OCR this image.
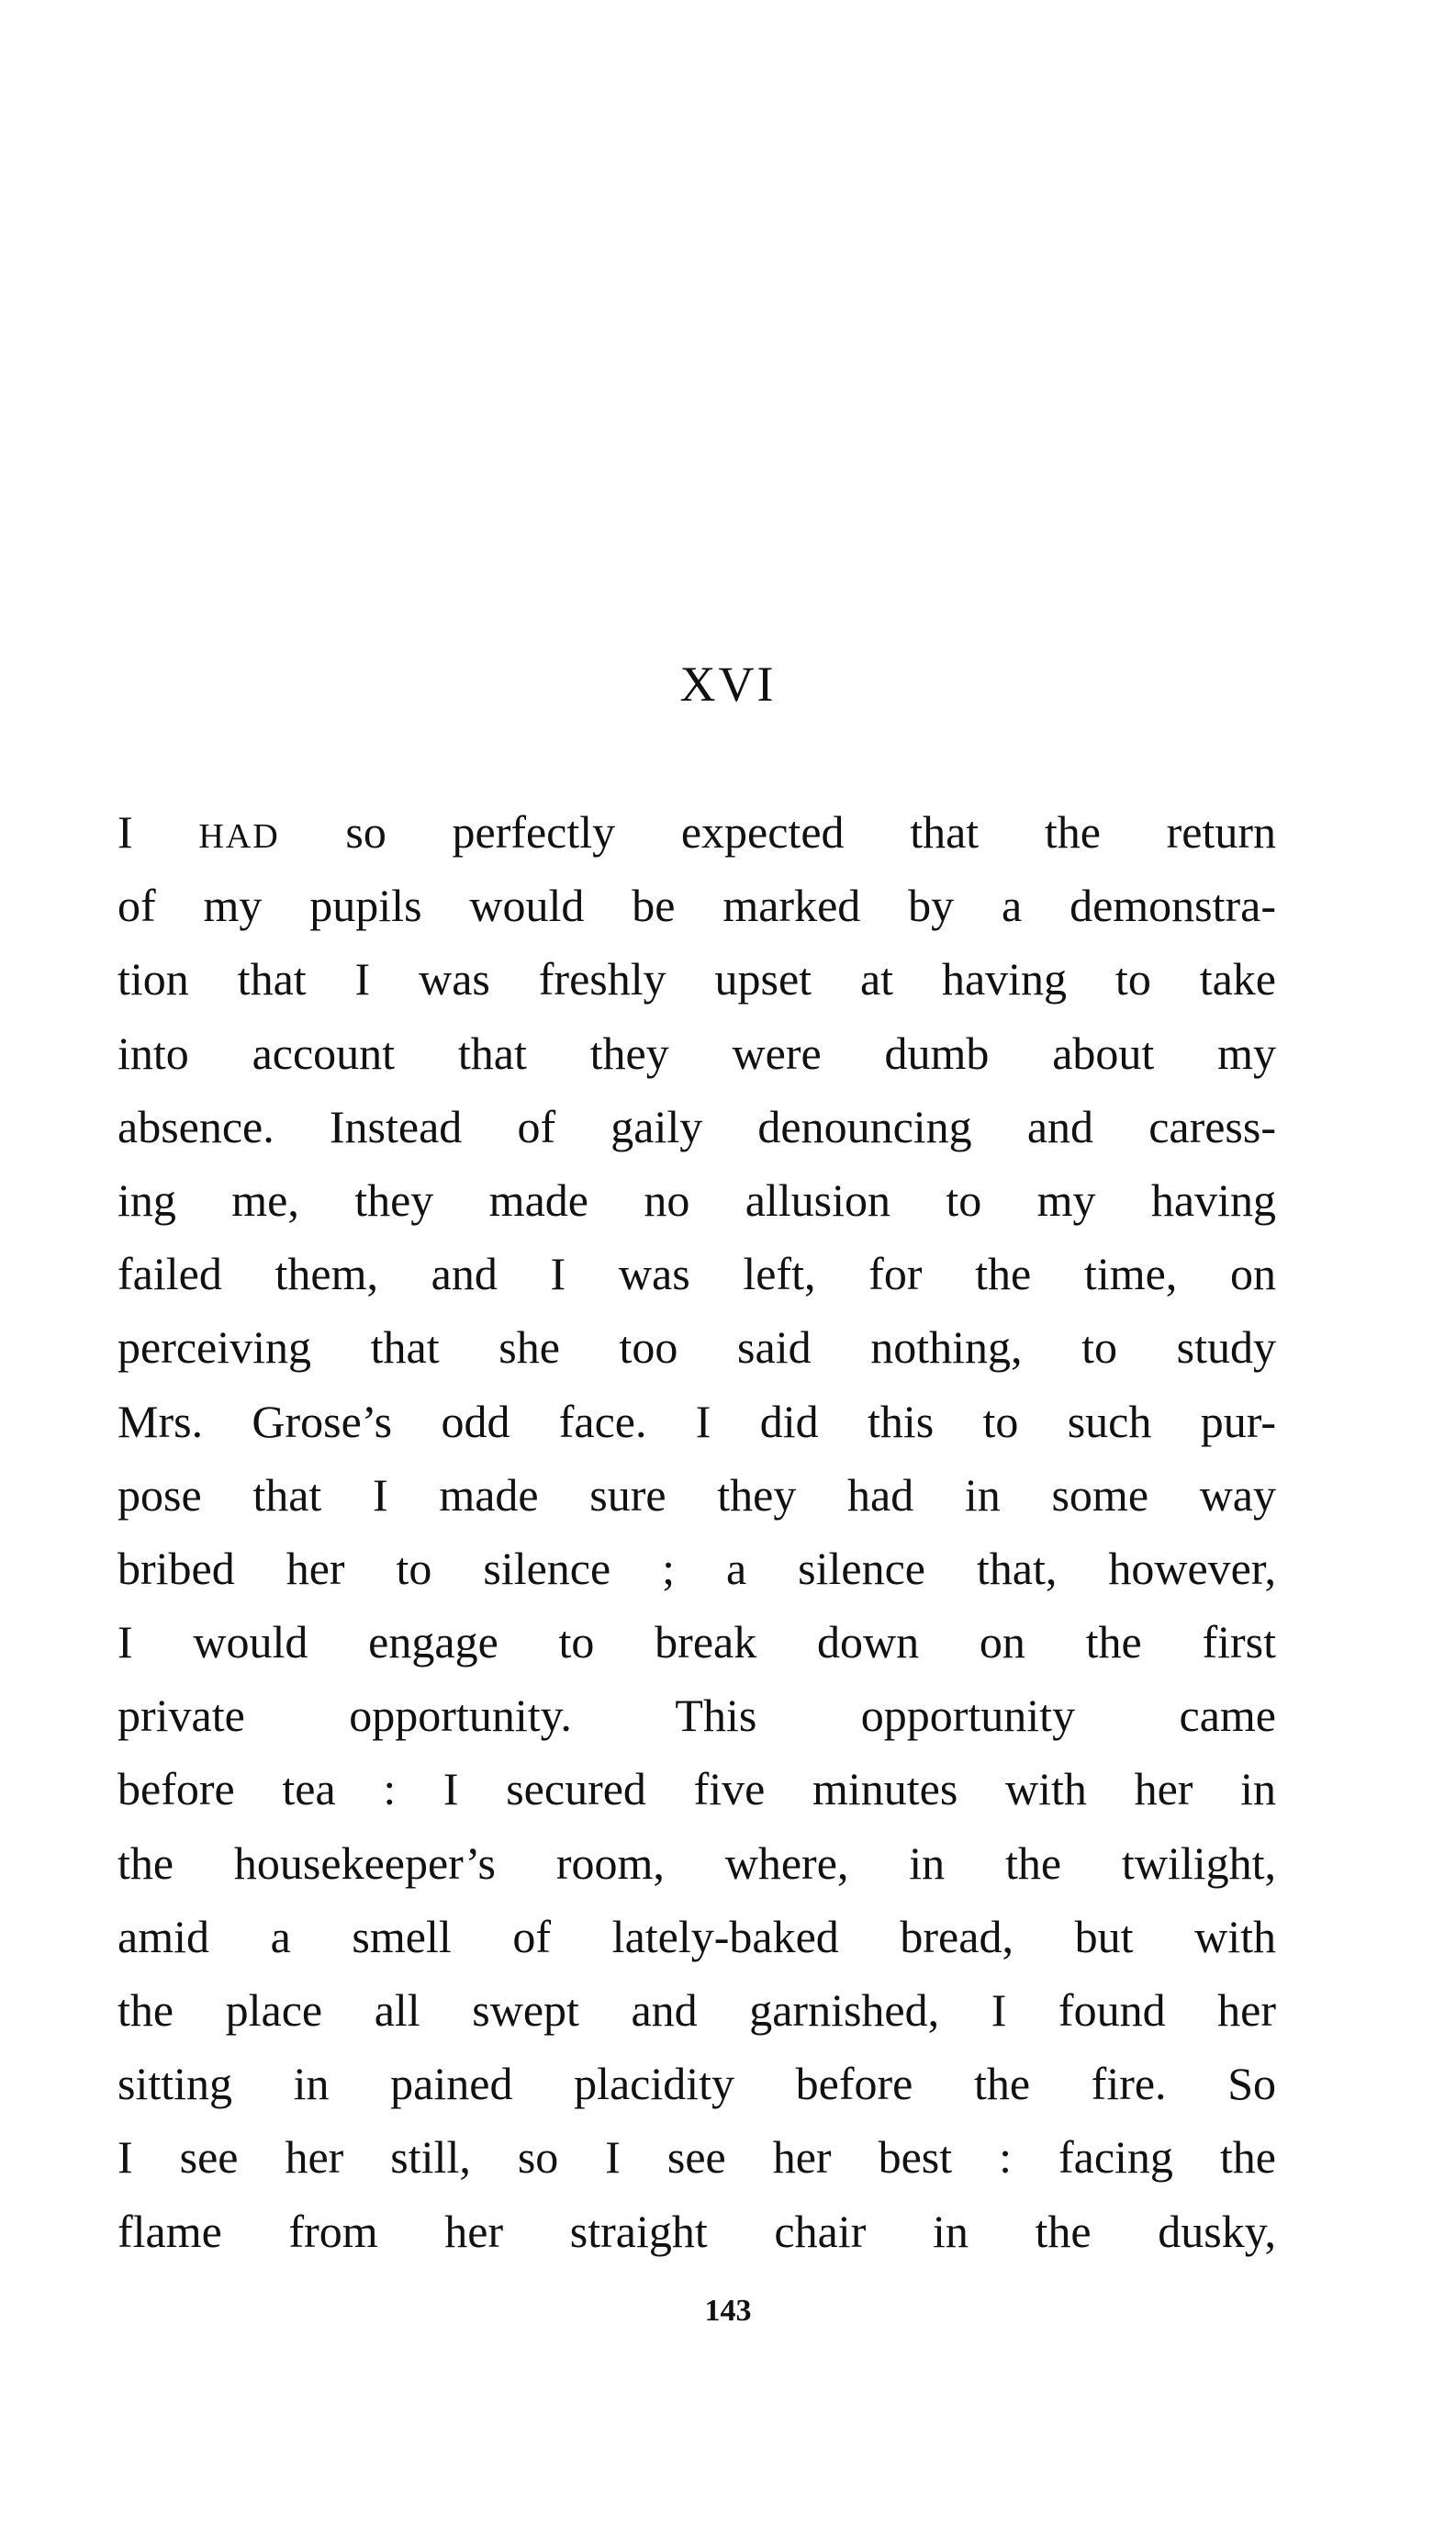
XVI
I HAD so perfectly expected that the return
of my pupils would be marked by a demonstra-
tion that I was freshly upset at having to take
into account that they were dumb about my
absence. Instead of gaily denouncing and caress-
ing me, they made no allusion to my having
failed them, and I was left, for the time, on
perceiving that she too said nothing, to study
Mrs. Grose’s odd face. I did this to such pur-
pose that I made sure they had in some way
bribed her to silence ; a silence that, however,
I would engage to break down on the first
private opportunity. This opportunity came
before tea : I secured five minutes with her in
the housekeeper’s room, where, in the twilight,
amid a smell of lately-baked bread, but with
the place all swept and garnished, I found her
sitting in pained placidity before the fire. So
I see her still, so I see her best : facing the
flame from her straight chair in the dusky,
143
